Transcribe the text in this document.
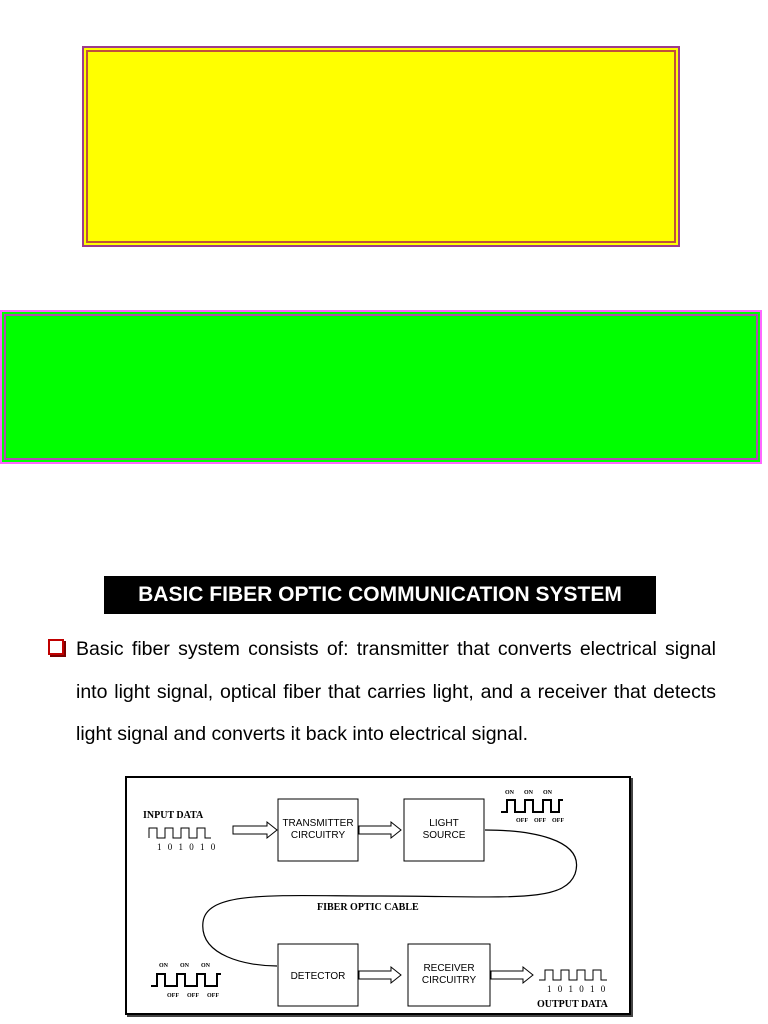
BASIC FIBER OPTIC COMMUNICATION SYSTEM
Basic fiber system consists of: transmitter that converts electrical signal into light signal, optical fiber that carries light, and a receiver that detects light signal and converts it back into electrical signal.
INPUT DATA
1 0 1 0 1 0
TRANSMITTER
CIRCUITRY
LIGHT
SOURCE
ON ON ON
OFF OFF OFF
FIBER OPTIC CABLE
DETECTOR
RECEIVER
CIRCUITRY
ON ON ON
OFF OFF OFF
1 0 1 0 1 0
OUTPUT DATA
